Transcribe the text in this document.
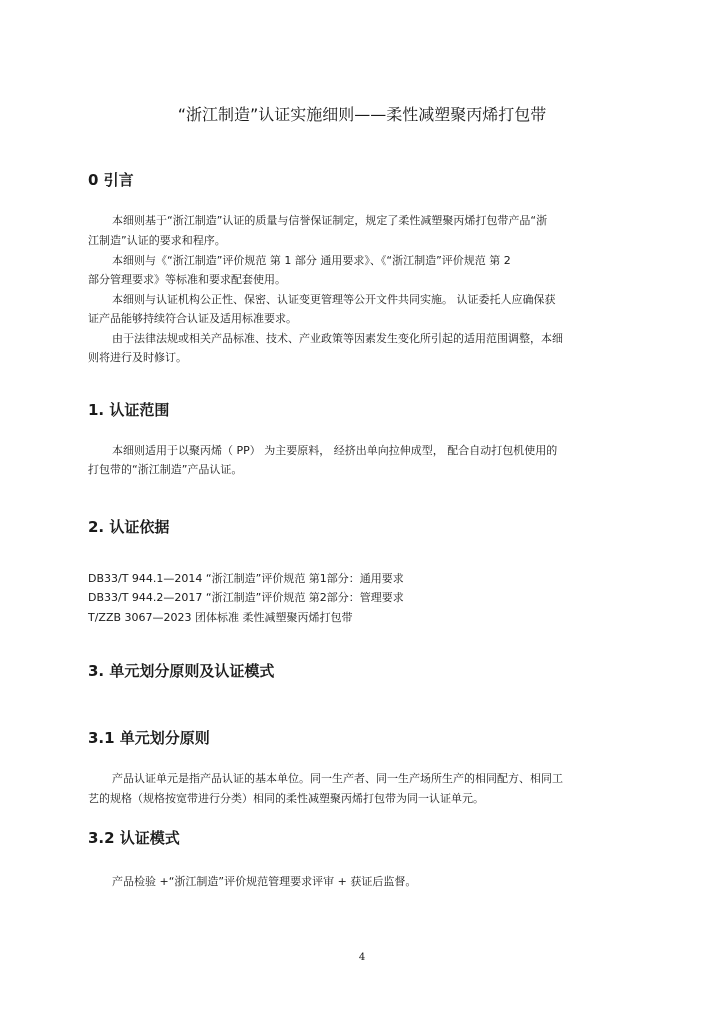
“浙江制造”认证实施细则——柔性减塑聚丙烯打包带
0 引言
本细则基于“浙江制造”认证的质量与信誉保证制定，规定了柔性减塑聚丙烯打包带产品“浙
江制造”认证的要求和程序。
本细则与《“浙江制造”评价规范 第 1 部分 通用要求》、《“浙江制造”评价规范 第 2
部分管理要求》等标准和要求配套使用。
本细则与认证机构公正性、保密、认证变更管理等公开文件共同实施。 认证委托人应确保获
证产品能够持续符合认证及适用标准要求。
由于法律法规或相关产品标准、技术、产业政策等因素发生变化所引起的适用范围调整，本细
则将进行及时修订。
1. 认证范围
本细则适用于以聚丙烯（ PP） 为主要原料， 经挤出单向拉伸成型， 配合自动打包机使用的
打包带的“浙江制造”产品认证。
2. 认证依据
DB33/T 944.1—2014 “浙江制造”评价规范 第1部分：通用要求
DB33/T 944.2—2017 “浙江制造”评价规范 第2部分：管理要求
T/ZZB 3067—2023 团体标准 柔性减塑聚丙烯打包带
3. 单元划分原则及认证模式
3.1 单元划分原则
产品认证单元是指产品认证的基本单位。同一生产者、同一生产场所生产的相同配方、相同工
艺的规格（规格按宽带进行分类）相同的柔性减塑聚丙烯打包带为同一认证单元。
3.2 认证模式
产品检验 +“浙江制造”评价规范管理要求评审 + 获证后监督。
4
